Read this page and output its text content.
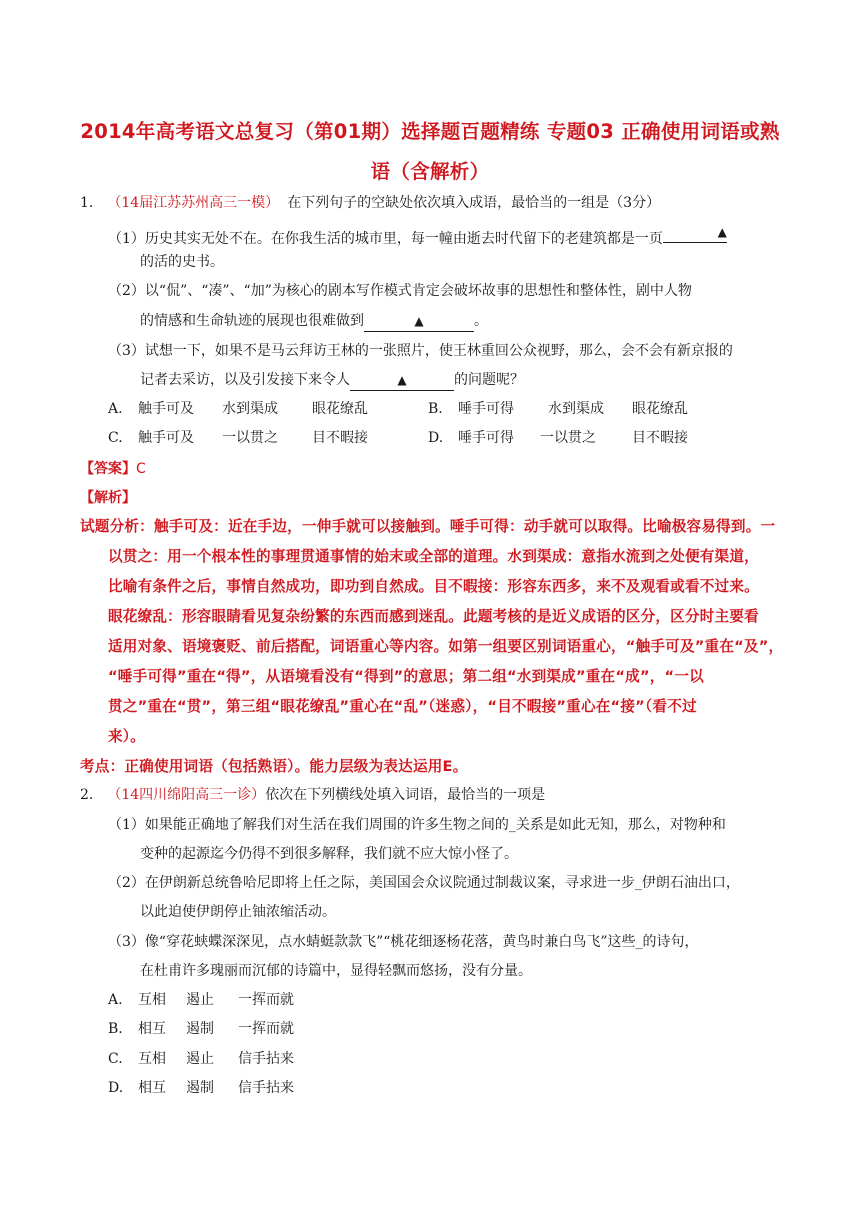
2014年高考语文总复习（第01期）选择题百题精练 专题03 正确使用词语或熟
语（含解析）
1. （14届江苏苏州高三一模） 在下列句子的空缺处依次填入成语，最恰当的一组是（3分）
（1）历史其实无处不在。在你我生活的城市里，每一幢由逝去时代留下的老建筑都是一页	▲
的活的史书。
（2）以“侃”、“凑”、“加”为核心的剧本写作模式肯定会破坏故事的思想性和整体性，剧中人物
的情感和生命轨迹的展现也很难做到	▲	。
（3）试想一下，如果不是马云拜访王林的一张照片，使王林重回公众视野，那么，会不会有新京报的
记者去采访，以及引发接下来令人	▲	的问题呢？
A. 触手可及 水到渠成 眼花缭乱	B. 唾手可得 水到渠成 眼花缭乱
C. 触手可及 一以贯之 目不暇接	D. 唾手可得 一以贯之	目不暇接
【答案】C
【解析】
试题分析：触手可及：近在手边，一伸手就可以接触到。唾手可得：动手就可以取得。比喻极容易得到。一
以贯之：用一个根本性的事理贯通事情的始末或全部的道理。水到渠成：意指水流到之处便有渠道，
比喻有条件之后，事情自然成功，即功到自然成。目不暇接：形容东西多，来不及观看或看不过来。
眼花缭乱：形容眼睛看见复杂纷繁的东西而感到迷乱。此题考核的是近义成语的区分，区分时主要看
适用对象、语境褒贬、前后搭配，词语重心等内容。如第一组要区别词语重心，“触手可及”重在“及”，
“唾手可得”重在“得”，从语境看没有“得到”的意思；第二组“水到渠成”重在“成”，“一以
贯之”重在“贯”，第三组“眼花缭乱”重心在“乱”（迷惑），“目不暇接”重心在“接”（看不过
来）。
考点：正确使用词语（包括熟语）。能力层级为表达运用E。
2. （14四川绵阳高三一诊）依次在下列横线处填入词语，最恰当的一项是
（1）如果能正确地了解我们对生活在我们周围的许多生物之间的_关系是如此无知，那么，对物种和
变种的起源迄今仍得不到很多解释，我们就不应大惊小怪了。
（2）在伊朗新总统鲁哈尼即将上任之际，美国国会众议院通过制裁议案，寻求进一步_伊朗石油出口，
以此迫使伊朗停止铀浓缩活动。
（3）像“穿花蛱蝶深深见，点水蜻蜓款款飞”“桃花细逐杨花落，黄鸟时兼白鸟飞”这些_的诗句，
在杜甫许多瑰丽而沉郁的诗篇中，显得轻飘而悠扬，没有分量。
A. 互相 遏止 一挥而就
B. 相互 遏制 一挥而就
C. 互相 遏止 信手拈来
D. 相互 遏制 信手拈来
